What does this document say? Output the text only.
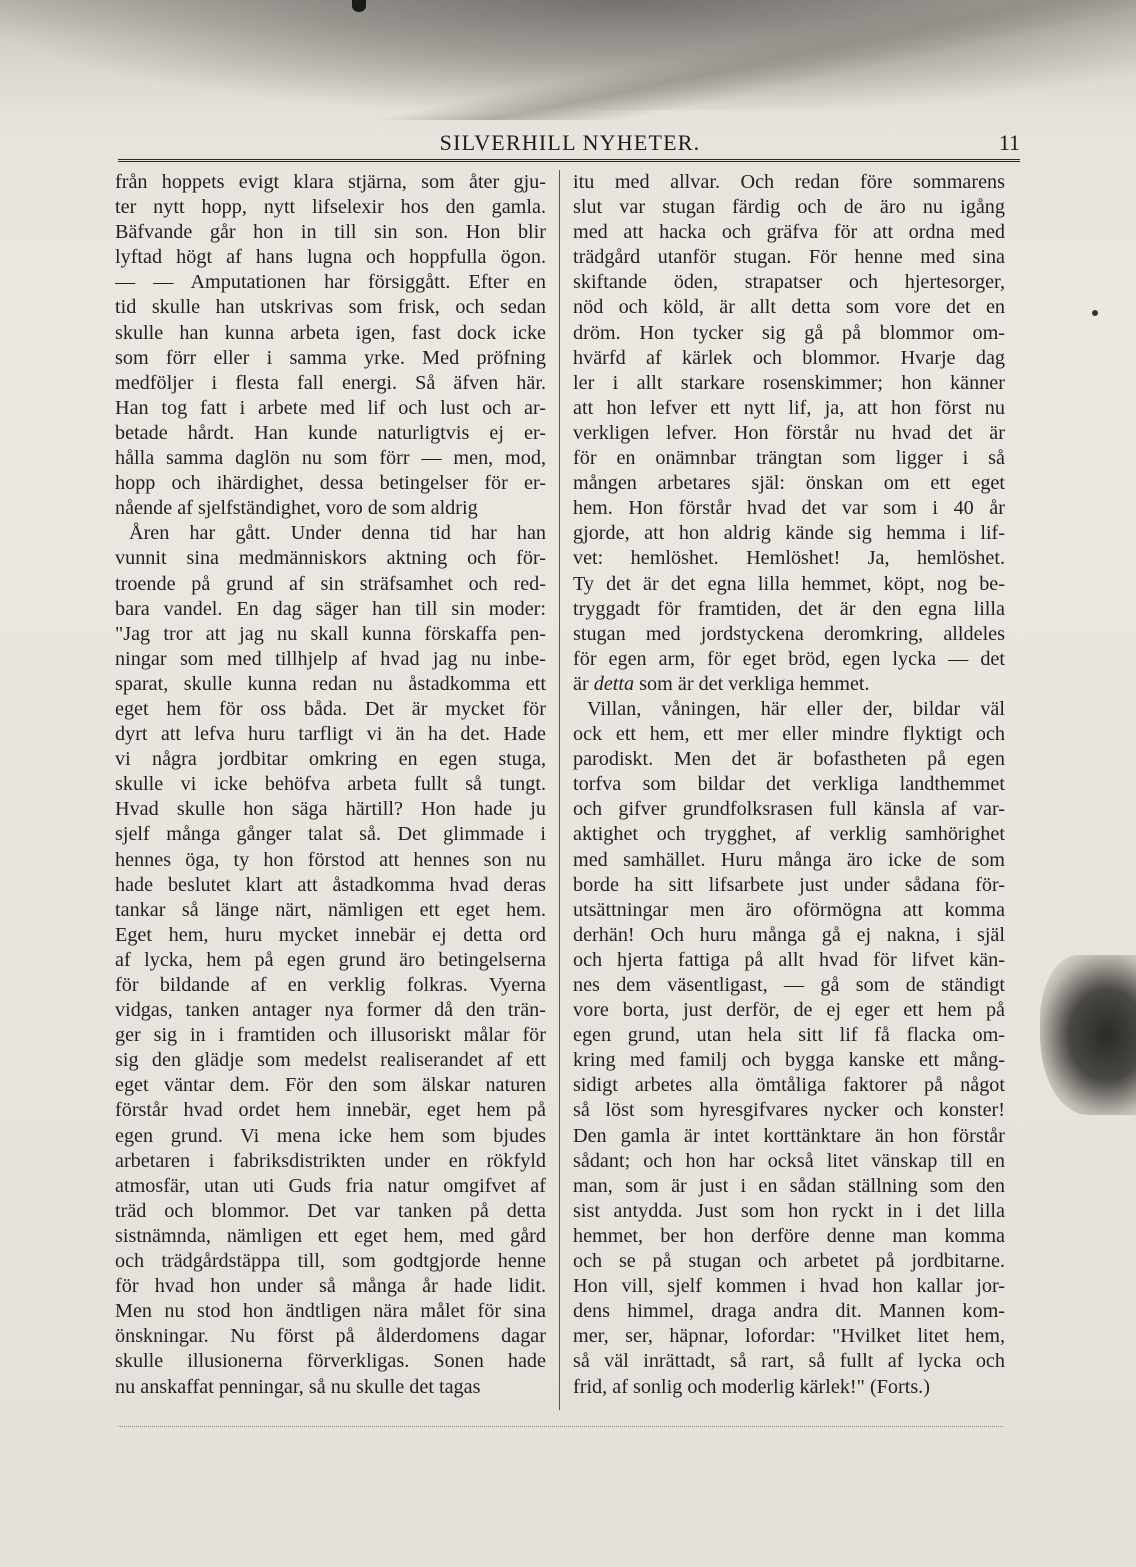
SILVERHILL NYHETER.	11
från hoppets evigt klara stjärna, som åter gju-
ter nytt hopp, nytt lifselexir hos den gamla.
Bäfvande går hon in till sin son. Hon blir
lyftad högt af hans lugna och hoppfulla ögon.
— — Amputationen har försiggått. Efter en
tid skulle han utskrivas som frisk, och sedan
skulle han kunna arbeta igen, fast dock icke
som förr eller i samma yrke. Med pröfning
medföljer i flesta fall energi. Så äfven här.
Han tog fatt i arbete med lif och lust och ar-
betade hårdt. Han kunde naturligtvis ej er-
hålla samma daglön nu som förr — men, mod,
hopp och ihärdighet, dessa betingelser för er-
nående af sjelfständighet, voro de som aldrig
Åren har gått. Under denna tid har han
vunnit sina medmänniskors aktning och för-
troende på grund af sin sträfsamhet och red-
bara vandel. En dag säger han till sin moder:
"Jag tror att jag nu skall kunna förskaffa pen-
ningar som med tillhjelp af hvad jag nu inbe-
sparat, skulle kunna redan nu åstadkomma ett
eget hem för oss båda. Det är mycket för
dyrt att lefva huru tarfligt vi än ha det. Hade
vi några jordbitar omkring en egen stuga,
skulle vi icke behöfva arbeta fullt så tungt.
Hvad skulle hon säga härtill? Hon hade ju
sjelf många gånger talat så. Det glimmade i
hennes öga, ty hon förstod att hennes son nu
hade beslutet klart att åstadkomma hvad deras
tankar så länge närt, nämligen ett eget hem.
Eget hem, huru mycket innebär ej detta ord
af lycka, hem på egen grund äro betingelserna
för bildande af en verklig folkras. Vyerna
vidgas, tanken antager nya former då den trän-
ger sig in i framtiden och illusoriskt målar för
sig den glädje som medelst realiserandet af ett
eget väntar dem. För den som älskar naturen
förstår hvad ordet hem innebär, eget hem på
egen grund. Vi mena icke hem som bjudes
arbetaren i fabriksdistrikten under en rökfyld
atmosfär, utan uti Guds fria natur omgifvet af
träd och blommor. Det var tanken på detta
sistnämnda, nämligen ett eget hem, med gård
och trädgårdstäppa till, som godtgjorde henne
för hvad hon under så många år hade lidit.
Men nu stod hon ändtligen nära målet för sina
önskningar. Nu först på ålderdomens dagar
skulle illusionerna förverkligas. Sonen hade
nu anskaffat penningar, så nu skulle det tagas
itu med allvar. Och redan före sommarens
slut var stugan färdig och de äro nu igång
med att hacka och gräfva för att ordna med
trädgård utanför stugan. För henne med sina
skiftande öden, strapatser och hjertesorger,
nöd och köld, är allt detta som vore det en
dröm. Hon tycker sig gå på blommor om-
hvärfd af kärlek och blommor. Hvarje dag
ler i allt starkare rosenskimmer; hon känner
att hon lefver ett nytt lif, ja, att hon först nu
verkligen lefver. Hon förstår nu hvad det är
för en onämnbar trängtan som ligger i så
mången arbetares själ: önskan om ett eget
hem. Hon förstår hvad det var som i 40 år
gjorde, att hon aldrig kände sig hemma i lif-
vet: hemlöshet. Hemlöshet! Ja, hemlöshet.
Ty det är det egna lilla hemmet, köpt, nog be-
tryggadt för framtiden, det är den egna lilla
stugan med jordstyckena deromkring, alldeles
för egen arm, för eget bröd, egen lycka — det
är detta som är det verkliga hemmet.
Villan, våningen, här eller der, bildar väl
ock ett hem, ett mer eller mindre flyktigt och
parodiskt. Men det är bofastheten på egen
torfva som bildar det verkliga landthemmet
och gifver grundfolksrasen full känsla af var-
aktighet och trygghet, af verklig samhörighet
med samhället. Huru många äro icke de som
borde ha sitt lifsarbete just under sådana för-
utsättningar men äro oförmögna att komma
derhän! Och huru många gå ej nakna, i själ
och hjerta fattiga på allt hvad för lifvet kän-
nes dem väsentligast, — gå som de ständigt
vore borta, just derför, de ej eger ett hem på
egen grund, utan hela sitt lif få flacka om-
kring med familj och bygga kanske ett mång-
sidigt arbetes alla ömtåliga faktorer på något
så löst som hyresgifvares nycker och konster!
Den gamla är intet korttänktare än hon förstår
sådant; och hon har också litet vänskap till en
man, som är just i en sådan ställning som den
sist antydda. Just som hon ryckt in i det lilla
hemmet, ber hon derföre denne man komma
och se på stugan och arbetet på jordbitarne.
Hon vill, sjelf kommen i hvad hon kallar jor-
dens himmel, draga andra dit. Mannen kom-
mer, ser, häpnar, lofordar: "Hvilket litet hem,
så väl inrättadt, så rart, så fullt af lycka och
frid, af sonlig och moderlig kärlek!" (Forts.)
